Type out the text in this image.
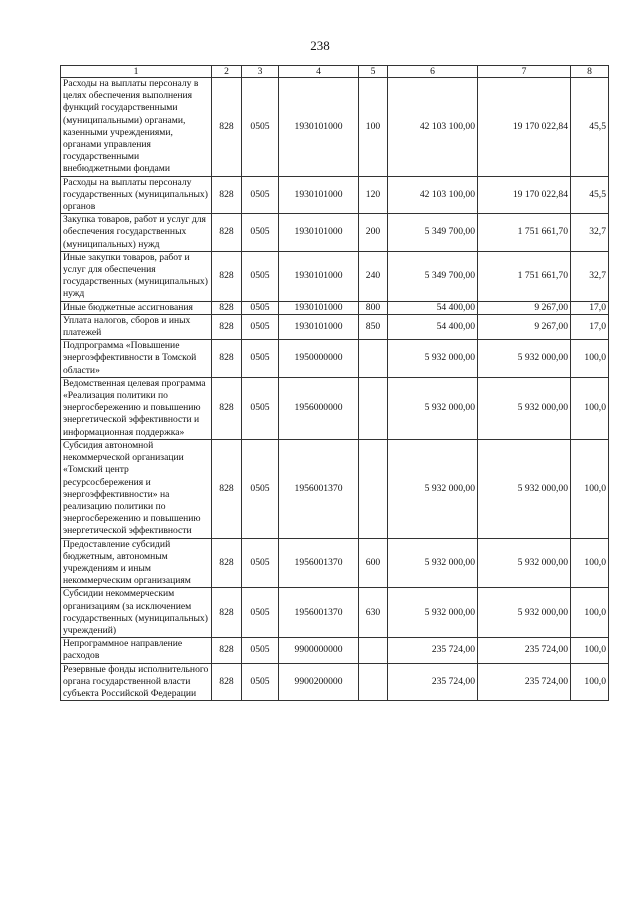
238
1	2	3	4	5	6	7	8
Расходы на выплаты персоналу в целях обеспечения выполнения функций государственными (муниципальными) органами, казенными учреждениями, органами управления государственными внебюджетными фондами	828	0505	1930101000	100	42 103 100,00	19 170 022,84	45,5
Расходы на выплаты персоналу государственных (муниципальных) органов	828	0505	1930101000	120	42 103 100,00	19 170 022,84	45,5
Закупка товаров, работ и услуг для обеспечения государственных (муниципальных) нужд	828	0505	1930101000	200	5 349 700,00	1 751 661,70	32,7
Иные закупки товаров, работ и услуг для обеспечения государственных (муниципальных) нужд	828	0505	1930101000	240	5 349 700,00	1 751 661,70	32,7
Иные бюджетные ассигнования	828	0505	1930101000	800	54 400,00	9 267,00	17,0
Уплата налогов, сборов и иных платежей	828	0505	1930101000	850	54 400,00	9 267,00	17,0
Подпрограмма «Повышение энергоэффективности в Томской области»	828	0505	1950000000		5 932 000,00	5 932 000,00	100,0
Ведомственная целевая программа «Реализация политики по энергосбережению и повышению энергетической эффективности и информационная поддержка»	828	0505	1956000000		5 932 000,00	5 932 000,00	100,0
Субсидия автономной некоммерческой организации «Томский центр ресурсосбережения и энергоэффективности» на реализацию политики по энергосбережению и повышению энергетической эффективности	828	0505	1956001370		5 932 000,00	5 932 000,00	100,0
Предоставление субсидий бюджетным, автономным учреждениям и иным некоммерческим организациям	828	0505	1956001370	600	5 932 000,00	5 932 000,00	100,0
Субсидии некоммерческим организациям (за исключением государственных (муниципальных) учреждений)	828	0505	1956001370	630	5 932 000,00	5 932 000,00	100,0
Непрограммное направление расходов	828	0505	9900000000		235 724,00	235 724,00	100,0
Резервные фонды исполнительного органа государственной власти субъекта Российской Федерации	828	0505	9900200000		235 724,00	235 724,00	100,0
